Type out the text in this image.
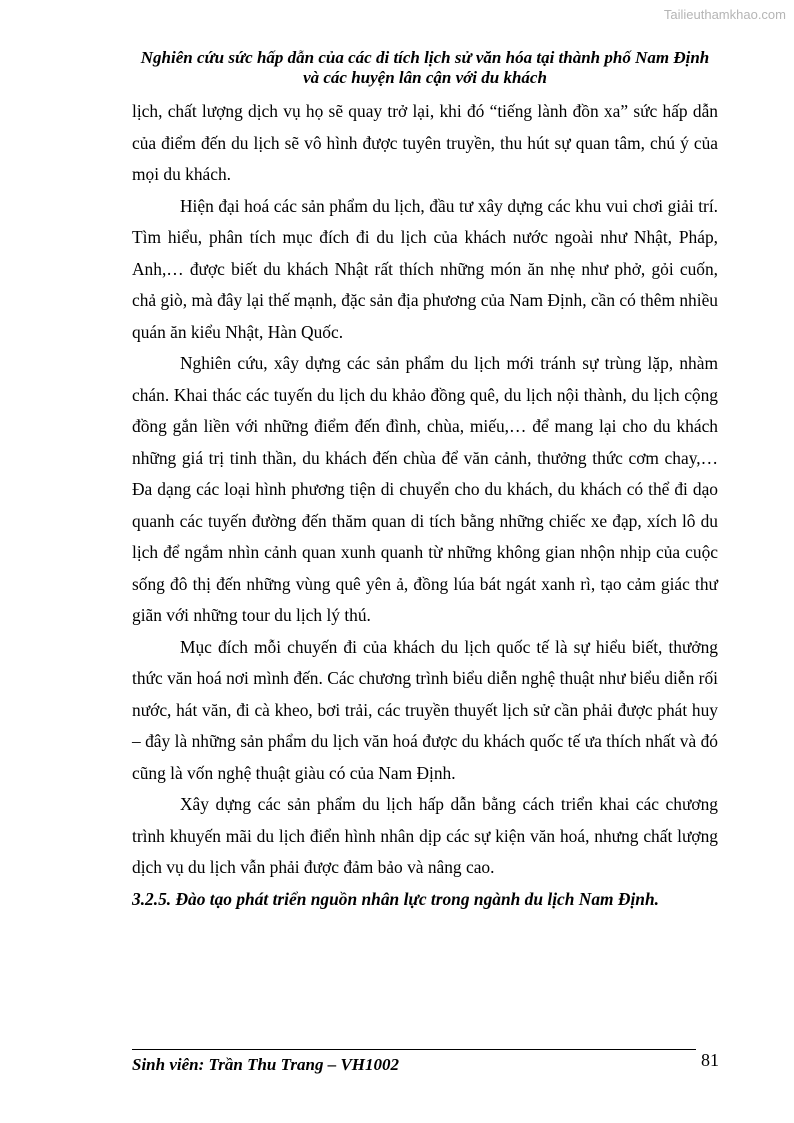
Tailieuthamkhao.com
Nghiên cứu sức hấp dẫn của các di tích lịch sử văn hóa tại thành phố Nam Định và các huyện lân cận với du khách

lịch, chất lượng dịch vụ họ sẽ quay trở lại, khi đó “tiếng lành đồn xa” sức hấp dẫn của điểm đến du lịch sẽ vô hình được tuyên truyền, thu hút sự quan tâm, chú ý của mọi du khách.

Hiện đại hoá các sản phẩm du lịch, đầu tư xây dựng các khu vui chơi giải trí. Tìm hiểu, phân tích mục đích đi du lịch của khách nước ngoài như Nhật, Pháp, Anh,… được biết du khách Nhật rất thích những món ăn nhẹ như phở, gỏi cuốn, chả giò, mà đây lại thế mạnh, đặc sản địa phương của Nam Định, cần có thêm nhiều quán ăn kiểu Nhật, Hàn Quốc.

Nghiên cứu, xây dựng các sản phẩm du lịch mới tránh sự trùng lặp, nhàm chán. Khai thác các tuyến du lịch du khảo đồng quê, du lịch nội thành, du lịch cộng đồng gắn liền với những điểm đến đình, chùa, miếu,… để mang lại cho du khách những giá trị tinh thần, du khách đến chùa để văn cảnh, thưởng thức cơm chay,… Đa dạng các loại hình phương tiện di chuyển cho du khách, du khách có thể đi dạo quanh các tuyến đường đến thăm quan di tích bằng những chiếc xe đạp, xích lô du lịch để ngắm nhìn cảnh quan xunh quanh từ những không gian nhộn nhịp của cuộc sống đô thị đến những vùng quê yên ả, đồng lúa bát ngát xanh rì, tạo cảm giác thư giãn với những tour du lịch lý thú.

Mục đích mỗi chuyến đi của khách du lịch quốc tế là sự hiểu biết, thưởng thức văn hoá nơi mình đến. Các chương trình biểu diễn nghệ thuật như biểu diễn rối nước, hát văn, đi cà kheo, bơi trải, các truyền thuyết lịch sử cần phải được phát huy – đây là những sản phẩm du lịch văn hoá được du khách quốc tế ưa thích nhất và đó cũng là vốn nghệ thuật giàu có của Nam Định.

Xây dựng các sản phẩm du lịch hấp dẫn bằng cách triển khai các chương trình khuyến mãi du lịch điển hình nhân dịp các sự kiện văn hoá, nhưng chất lượng dịch vụ du lịch vẫn phải được đảm bảo và nâng cao.

3.2.5. Đào tạo phát triển nguồn nhân lực trong ngành du lịch Nam Định.

Sinh viên: Trần Thu Trang – VH1002	81
